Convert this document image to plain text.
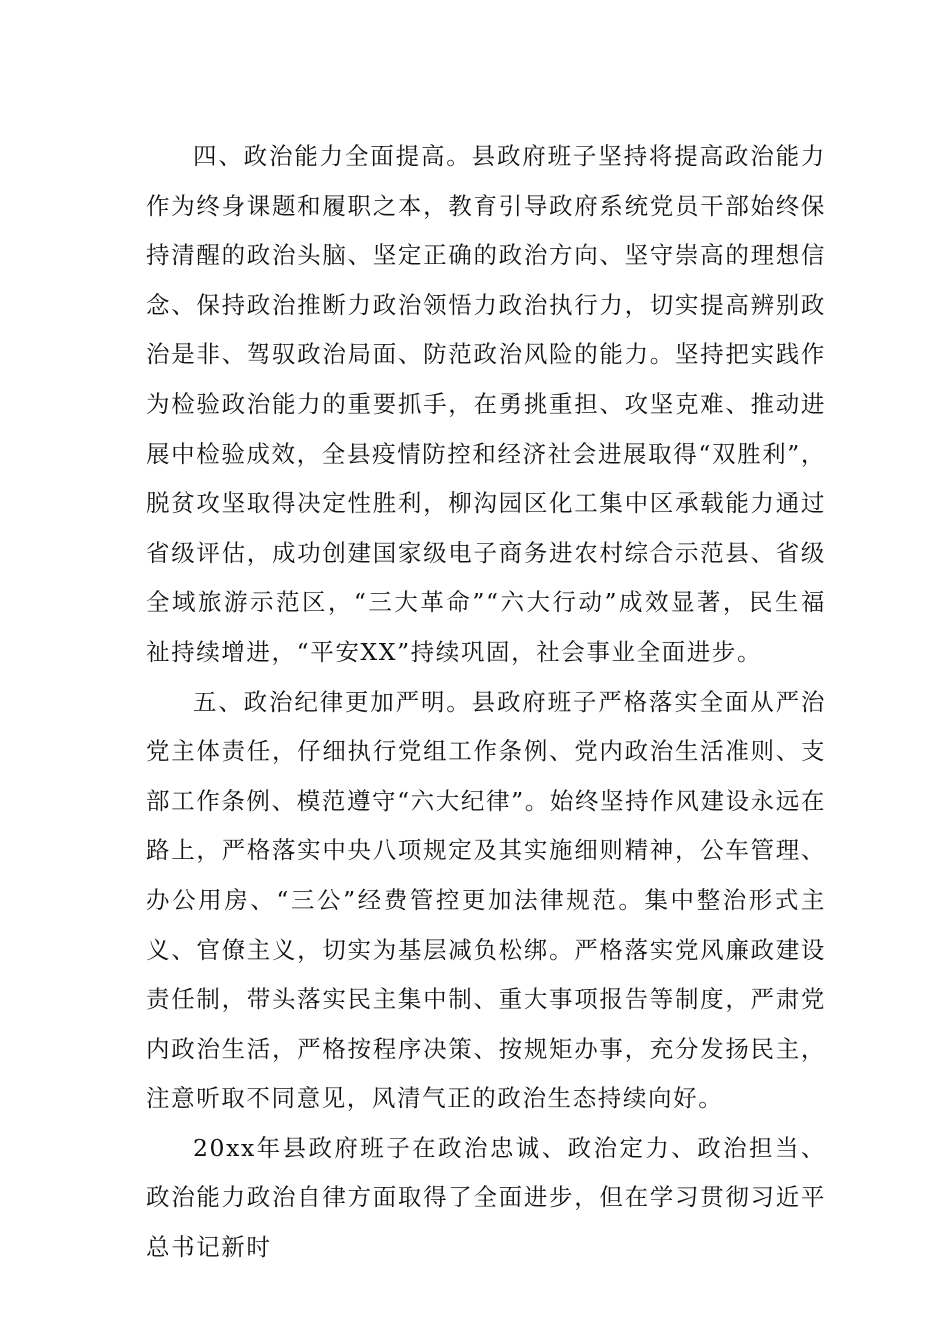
四、政治能力全面提高。县政府班子坚持将提高政治能力作为终身课题和履职之本，教育引导政府系统党员干部始终保持清醒的政治头脑、坚定正确的政治方向、坚守崇高的理想信念、保持政治推断力政治领悟力政治执行力，切实提高辨别政治是非、驾驭政治局面、防范政治风险的能力。坚持把实践作为检验政治能力的重要抓手，在勇挑重担、攻坚克难、推动进展中检验成效，全县疫情防控和经济社会进展取得“双胜利”，脱贫攻坚取得决定性胜利，柳沟园区化工集中区承载能力通过省级评估，成功创建国家级电子商务进农村综合示范县、省级全域旅游示范区，“三大革命”“六大行动”成效显著，民生福祉持续增进，“平安XX”持续巩固，社会事业全面进步。

五、政治纪律更加严明。县政府班子严格落实全面从严治党主体责任，仔细执行党组工作条例、党内政治生活准则、支部工作条例、模范遵守“六大纪律”。始终坚持作风建设永远在路上，严格落实中央八项规定及其实施细则精神，公车管理、办公用房、“三公”经费管控更加法律规范。集中整治形式主义、官僚主义，切实为基层减负松绑。严格落实党风廉政建设责任制，带头落实民主集中制、重大事项报告等制度，严肃党内政治生活，严格按程序决策、按规矩办事，充分发扬民主，注意听取不同意见，风清气正的政治生态持续向好。

20xx年县政府班子在政治忠诚、政治定力、政治担当、政治能力政治自律方面取得了全面进步，但在学习贯彻习近平总书记新时
